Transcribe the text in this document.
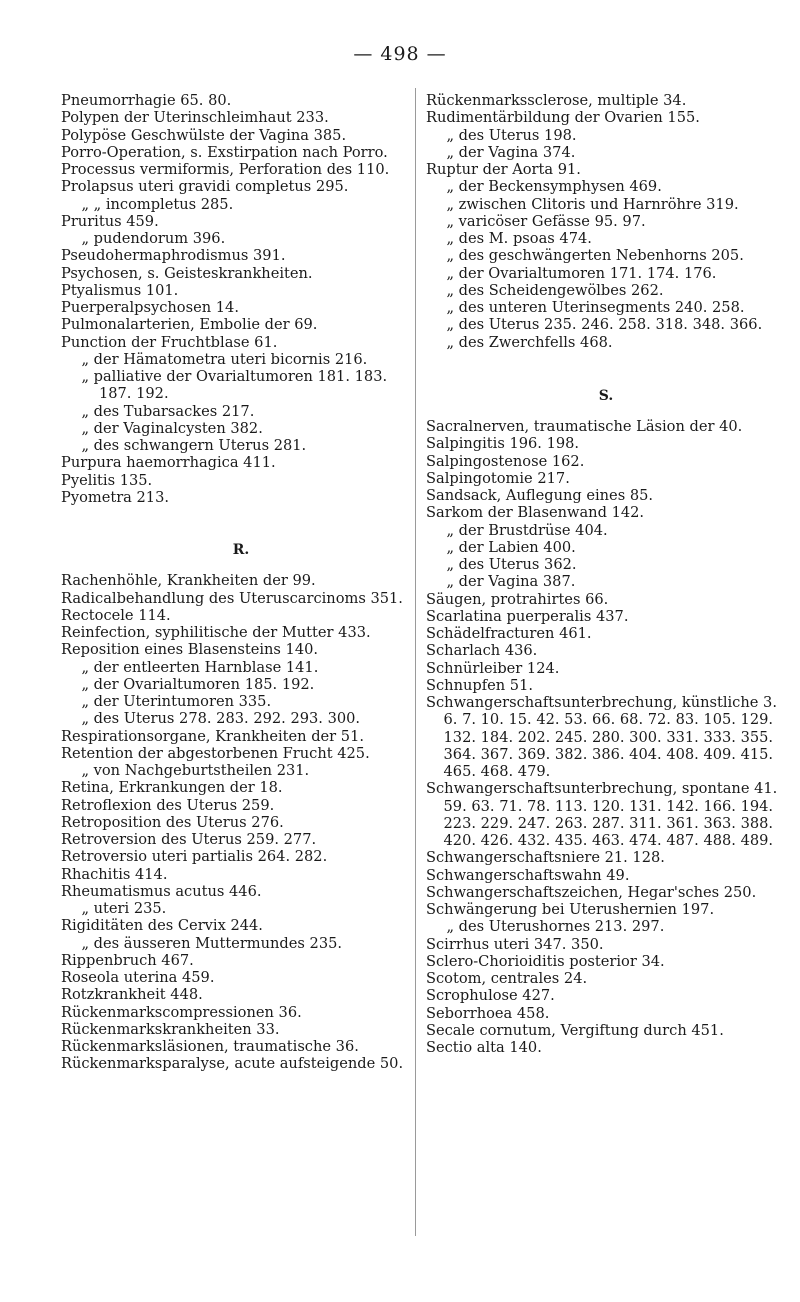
— 498 —
Pneumorrhagie 65. 80.
Polypen der Uterinschleimhaut 233.
Polypöse Geschwülste der Vagina 385.
Porro-Operation, s. Exstirpation nach Porro.
Processus vermiformis, Perforation des 110.
Prolapsus uteri gravidi completus 295.
„ „ incompletus 285.
Pruritus 459.
„ pudendorum 396.
Pseudohermaphrodismus 391.
Psychosen, s. Geisteskrankheiten.
Ptyalismus 101.
Puerperalpsychosen 14.
Pulmonalarterien, Embolie der 69.
Punction der Fruchtblase 61.
„ der Hämatometra uteri bicornis 216.
„ palliative der Ovarialtumoren 181. 183. 187. 192.
„ des Tubarsackes 217.
„ der Vaginalcysten 382.
„ des schwangern Uterus 281.
Purpura haemorrhagica 411.
Pyelitis 135.
Pyometra 213.
R.
Rachenhöhle, Krankheiten der 99.
Radicalbehandlung des Uteruscarcinoms 351.
Rectocele 114.
Reinfection, syphilitische der Mutter 433.
Reposition eines Blasensteins 140.
„ der entleerten Harnblase 141.
„ der Ovarialtumoren 185. 192.
„ der Uterintumoren 335.
„ des Uterus 278. 283. 292. 293. 300.
Respirationsorgane, Krankheiten der 51.
Retention der abgestorbenen Frucht 425.
„ von Nachgeburtstheilen 231.
Retina, Erkrankungen der 18.
Retroflexion des Uterus 259.
Retroposition des Uterus 276.
Retroversion des Uterus 259. 277.
Retroversio uteri partialis 264. 282.
Rhachitis 414.
Rheumatismus acutus 446.
„ uteri 235.
Rigiditäten des Cervix 244.
„ des äusseren Muttermundes 235.
Rippenbruch 467.
Roseola uterina 459.
Rotzkrankheit 448.
Rückenmarkscompressionen 36.
Rückenmarkskrankheiten 33.
Rückenmarksläsionen, traumatische 36.
Rückenmarksparalyse, acute aufsteigende 50.
Rückenmarkssclerose, multiple 34.
Rudimentärbildung der Ovarien 155.
„ des Uterus 198.
„ der Vagina 374.
Ruptur der Aorta 91.
„ der Beckensymphysen 469.
„ zwischen Clitoris und Harnröhre 319.
„ varicöser Gefässe 95. 97.
„ des M. psoas 474.
„ des geschwängerten Nebenhorns 205.
„ der Ovarialtumoren 171. 174. 176.
„ des Scheidengewölbes 262.
„ des unteren Uterinsegments 240. 258.
„ des Uterus 235. 246. 258. 318. 348. 366.
„ des Zwerchfells 468.
S.
Sacralnerven, traumatische Läsion der 40.
Salpingitis 196. 198.
Salpingostenose 162.
Salpingotomie 217.
Sandsack, Auflegung eines 85.
Sarkom der Blasenwand 142.
„ der Brustdrüse 404.
„ der Labien 400.
„ des Uterus 362.
„ der Vagina 387.
Säugen, protrahirtes 66.
Scarlatina puerperalis 437.
Schädelfracturen 461.
Scharlach 436.
Schnürleiber 124.
Schnupfen 51.
Schwangerschaftsunterbrechung, künstliche 3. 6. 7. 10. 15. 42. 53. 66. 68. 72. 83. 105. 129. 132. 184. 202. 245. 280. 300. 331. 333. 355. 364. 367. 369. 382. 386. 404. 408. 409. 415. 465. 468. 479.
Schwangerschaftsunterbrechung, spontane 41. 59. 63. 71. 78. 113. 120. 131. 142. 166. 194. 223. 229. 247. 263. 287. 311. 361. 363. 388. 420. 426. 432. 435. 463. 474. 487. 488. 489.
Schwangerschaftsniere 21. 128.
Schwangerschaftswahn 49.
Schwangerschaftszeichen, Hegar'sches 250.
Schwängerung bei Uterushernien 197.
„ des Uterushornes 213. 297.
Scirrhus uteri 347. 350.
Sclero-Chorioiditis posterior 34.
Scotom, centrales 24.
Scrophulose 427.
Seborrhoea 458.
Secale cornutum, Vergiftung durch 451.
Sectio alta 140.
